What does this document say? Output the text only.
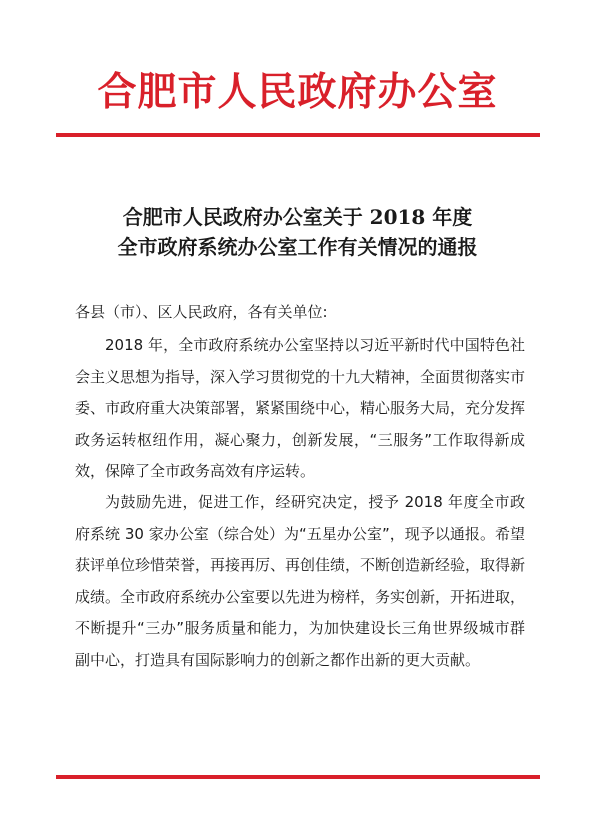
合肥市人民政府办公室
合肥市人民政府办公室关于 2018 年度
全市政府系统办公室工作有关情况的通报
各县（市）、区人民政府，各有关单位:
2018 年，全市政府系统办公室坚持以习近平新时代中国特色社会主义思想为指导，深入学习贯彻党的十九大精神，全面贯彻落实市委、市政府重大决策部署，紧紧围绕中心，精心服务大局，充分发挥政务运转枢纽作用，凝心聚力，创新发展，“三服务”工作取得新成效，保障了全市政务高效有序运转。
为鼓励先进，促进工作，经研究决定，授予 2018 年度全市政府系统 30 家办公室（综合处）为“五星办公室”，现予以通报。希望获评单位珍惜荣誉，再接再厉、再创佳绩，不断创造新经验，取得新成绩。全市政府系统办公室要以先进为榜样，务实创新，开拓进取，不断提升“三办”服务质量和能力，为加快建设长三角世界级城市群副中心，打造具有国际影响力的创新之都作出新的更大贡献。
